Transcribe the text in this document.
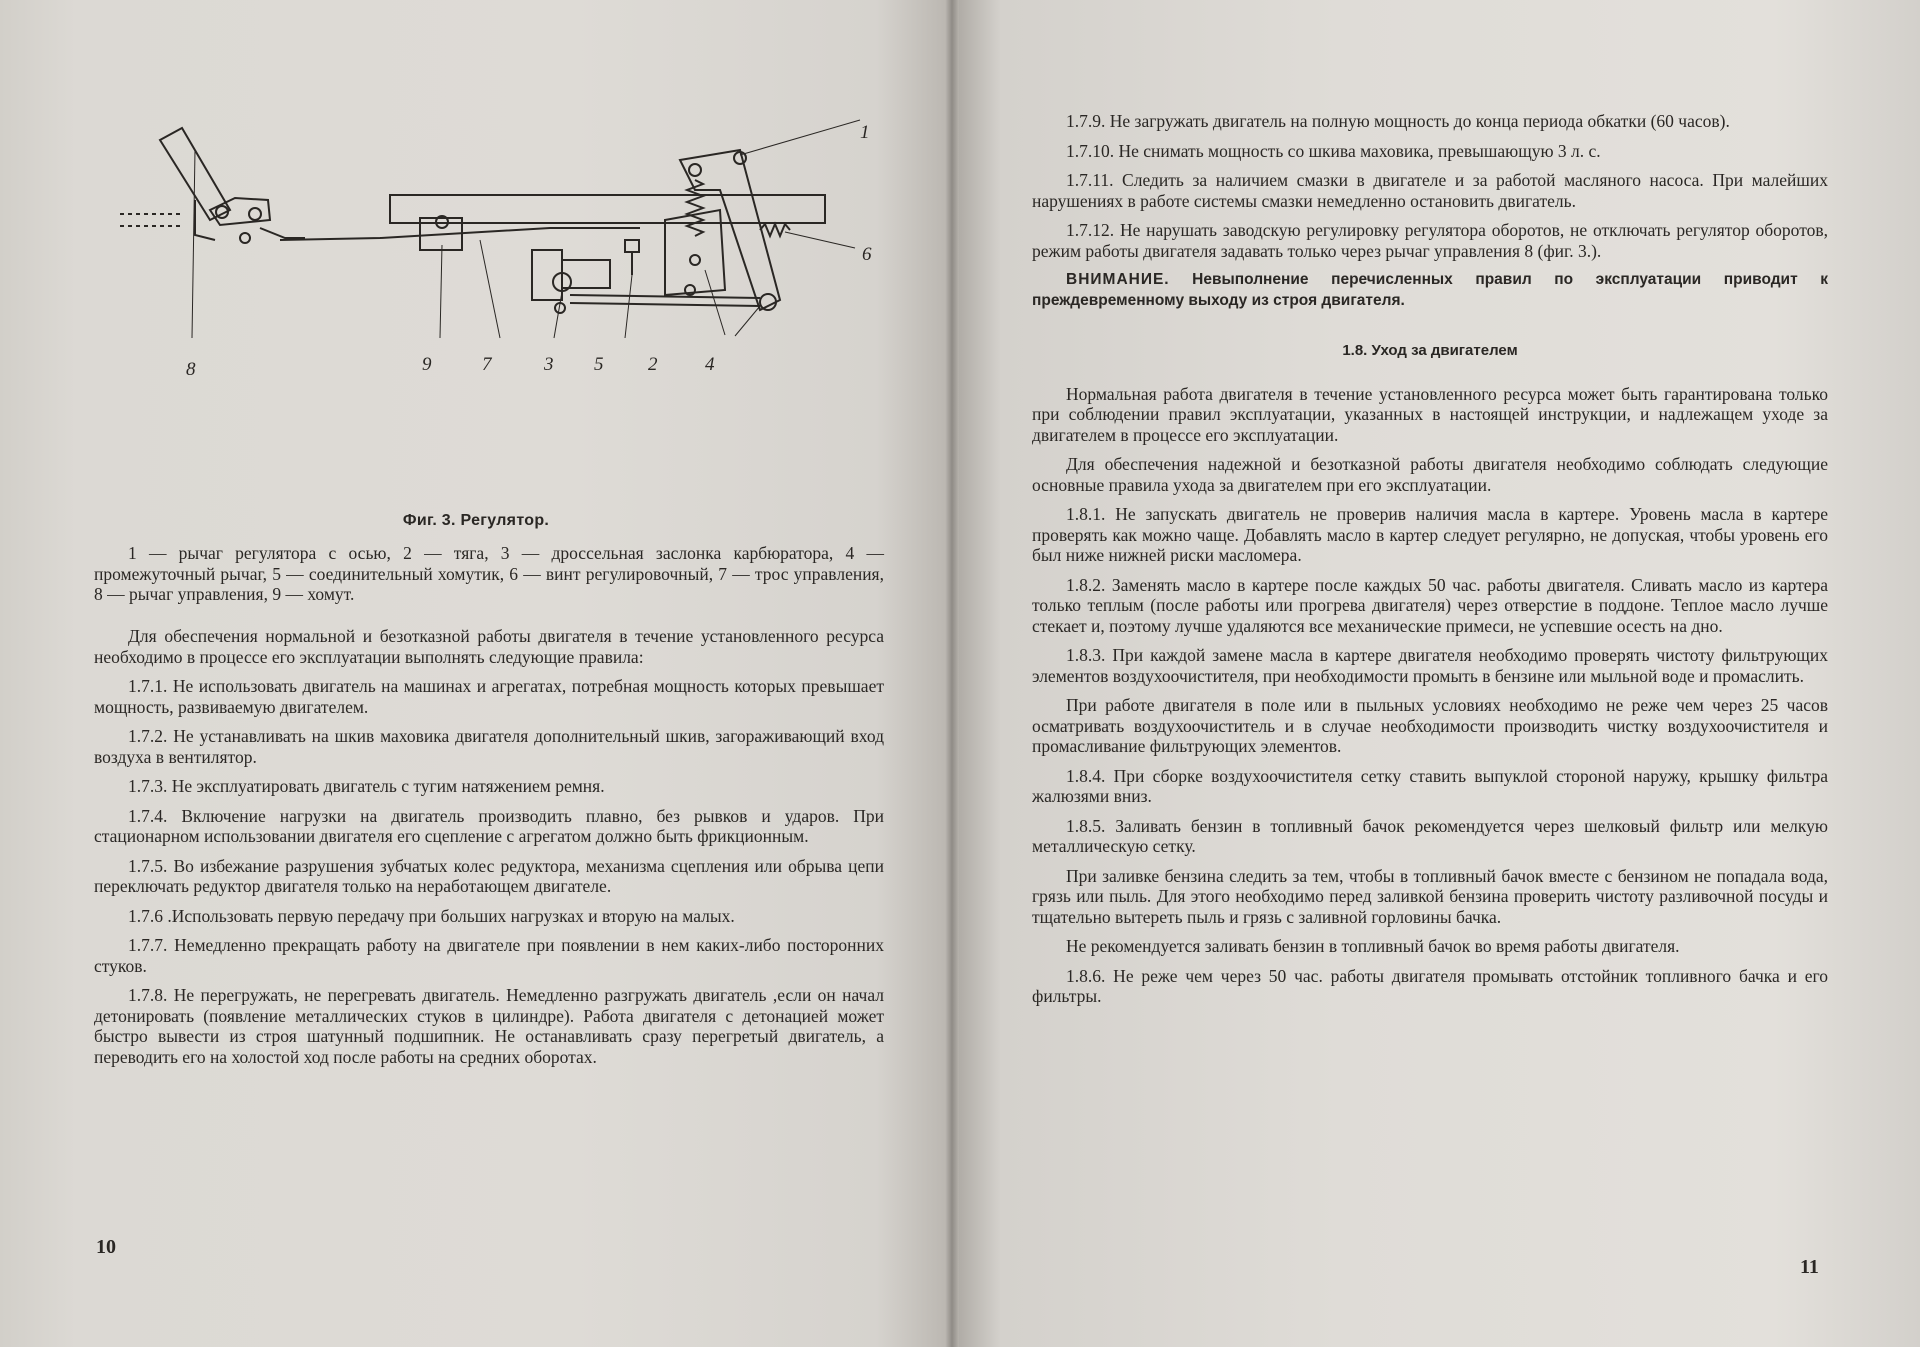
1
6
4
2
5
3
7
9
8
Фиг. 3. Регулятор.

1 — рычаг регулятора с осью, 2 — тяга, 3 — дроссельная заслонка карбюратора, 4 — промежуточный рычаг, 5 — соединительный хомутик, 6 — винт регулировочный, 7 — трос управления, 8 — рычаг управления, 9 — хомут.

Для обеспечения нормальной и безотказной работы двигателя в течение установленного ресурса необходимо в процессе его эксплуатации выполнять следующие правила:

1.7.1. Не использовать двигатель на машинах и агрегатах, потребная мощность которых превышает мощность, развиваемую двигателем.

1.7.2. Не устанавливать на шкив маховика двигателя дополнительный шкив, загораживающий вход воздуха в вентилятор.

1.7.3. Не эксплуатировать двигатель с тугим натяжением ремня.

1.7.4. Включение нагрузки на двигатель производить плавно, без рывков и ударов. При стационарном использовании двигателя его сцепление с агрегатом должно быть фрикционным.

1.7.5. Во избежание разрушения зубчатых колес редуктора, механизма сцепления или обрыва цепи переключать редуктор двигателя только на неработающем двигателе.

1.7.6 .Использовать первую передачу при больших нагрузках и вторую на малых.

1.7.7. Немедленно прекращать работу на двигателе при появлении в нем каких-либо посторонних стуков.

1.7.8. Не перегружать, не перегревать двигатель. Немедленно разгружать двигатель ,если он начал детонировать (появление металлических стуков в цилиндре). Работа двигателя с детонацией может быстро вывести из строя шатунный подшипник. Не останавливать сразу перегретый двигатель, а переводить его на холостой ход после работы на средних оборотах.

10

1.7.9. Не загружать двигатель на полную мощность до конца периода обкатки (60 часов).

1.7.10. Не снимать мощность со шкива маховика, превышающую 3 л. с.

1.7.11. Следить за наличием смазки в двигателе и за работой масляного насоса. При малейших нарушениях в работе системы смазки немедленно остановить двигатель.

1.7.12. Не нарушать заводскую регулировку регулятора оборотов, не отключать регулятор оборотов, режим работы двигателя задавать только через рычаг управления 8 (фиг. 3.).

ВНИМАНИЕ. Невыполнение перечисленных правил по эксплуатации приводит к преждевременному выходу из строя двигателя.

1.8. Уход за двигателем

Нормальная работа двигателя в течение установленного ресурса может быть гарантирована только при соблюдении правил эксплуатации, указанных в настоящей инструкции, и надлежащем уходе за двигателем в процессе его эксплуатации.

Для обеспечения надежной и безотказной работы двигателя необходимо соблюдать следующие основные правила ухода за двигателем при его эксплуатации.

1.8.1. Не запускать двигатель не проверив наличия масла в картере. Уровень масла в картере проверять как можно чаще. Добавлять масло в картер следует регулярно, не допуская, чтобы уровень его был ниже нижней риски масломера.

1.8.2. Заменять масло в картере после каждых 50 час. работы двигателя. Сливать масло из картера только теплым (после работы или прогрева двигателя) через отверстие в поддоне. Теплое масло лучше стекает и, поэтому лучше удаляются все механические примеси, не успевшие осесть на дно.

1.8.3. При каждой замене масла в картере двигателя необходимо проверять чистоту фильтрующих элементов воздухоочистителя, при необходимости промыть в бензине или мыльной воде и промаслить.

При работе двигателя в поле или в пыльных условиях необходимо не реже чем через 25 часов осматривать воздухоочиститель и в случае необходимости производить чистку воздухоочистителя и промасливание фильтрующих элементов.

1.8.4. При сборке воздухоочистителя сетку ставить выпуклой стороной наружу, крышку фильтра жалюзями вниз.

1.8.5. Заливать бензин в топливный бачок рекомендуется через шелковый фильтр или мелкую металлическую сетку.

При заливке бензина следить за тем, чтобы в топливный бачок вместе с бензином не попадала вода, грязь или пыль. Для этого необходимо перед заливкой бензина проверить чистоту разливочной посуды и тщательно вытереть пыль и грязь с заливной горловины бачка.

Не рекомендуется заливать бензин в топливный бачок во время работы двигателя.

1.8.6. Не реже чем через 50 час. работы двигателя промывать отстойник топливного бачка и его фильтры.

11
